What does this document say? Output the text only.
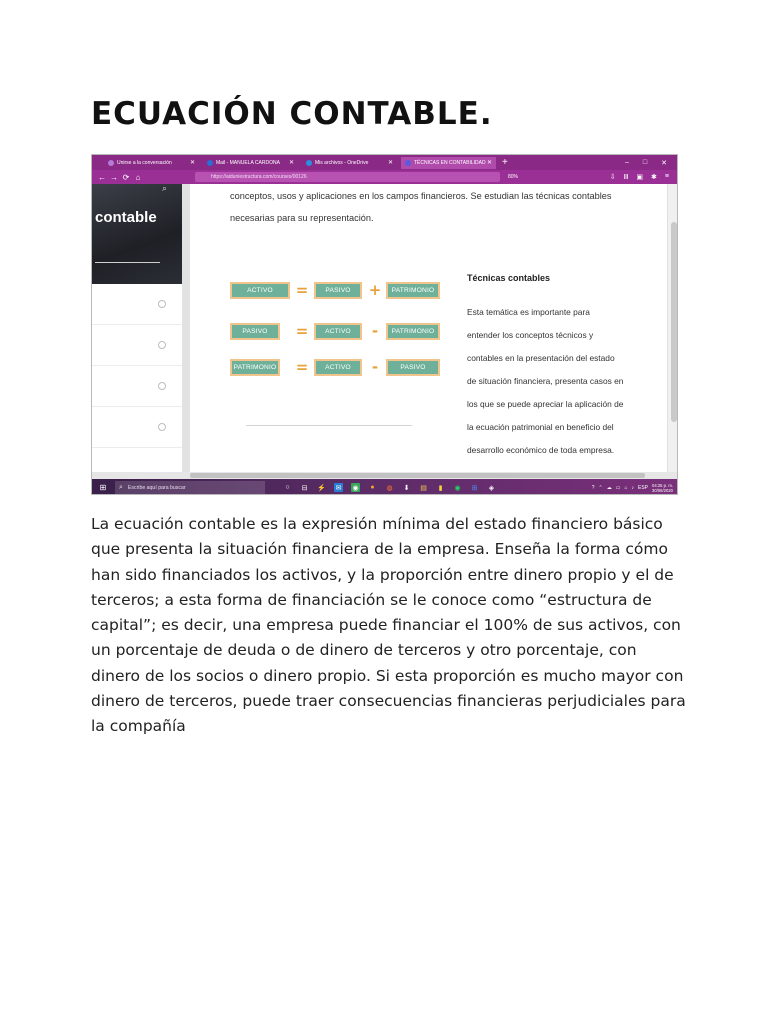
ECUACIÓN CONTABLE.
Unirse a la conversación	✕	Mail - MANUELA CARDONA ✕	Mis archivos - OneDrive	✕	TÉCNICAS EN CONTABILIDAD ✕ +	– □ ✕
← → ⟳ ⌂	https://aiduniestructura.com/courses/00126	80%	⇩ Ⅲ ▣ ✱ ≡
⌕
contable
conceptos, usos y aplicaciones en los campos financieros. Se estudian las técnicas contables
necesarias para su representación.
ACTIVO	=	PASIVO	+	PATRIMONIO
PASIVO	=	ACTIVO	-	PATRIMONIO
PATRIMONIO =	ACTIVO	-	PASIVO
Técnicas contables
Esta temática es importante para
entender los conceptos técnicos y
contables en la presentación del estado
de situación financiera, presenta casos en
los que se puede apreciar la aplicación de
la ecuación patrimonial en beneficio del
desarrollo económico de toda empresa.
⊞	⌕ Escribe aquí para buscar	○	⊟ ⚡ ✉ ◉	●	◍ ⬇ ▤	▮	◉ ⊞ ◈	? ⌃ ☁ ▭ ⌂ ♪ ESP 04:25 p. m.
30/06/2020
La ecuación contable es la expresión mínima del estado financiero básico
que presenta la situación financiera de la empresa. Enseña la forma cómo
han sido financiados los activos, y la proporción entre dinero propio y el de
terceros; a esta forma de financiación se le conoce como “estructura de
capital”; es decir, una empresa puede financiar el 100% de sus activos, con
un porcentaje de deuda o de dinero de terceros y otro porcentaje, con
dinero de los socios o dinero propio. Si esta proporción es mucho mayor con
dinero de terceros, puede traer consecuencias financieras perjudiciales para
la compañía
